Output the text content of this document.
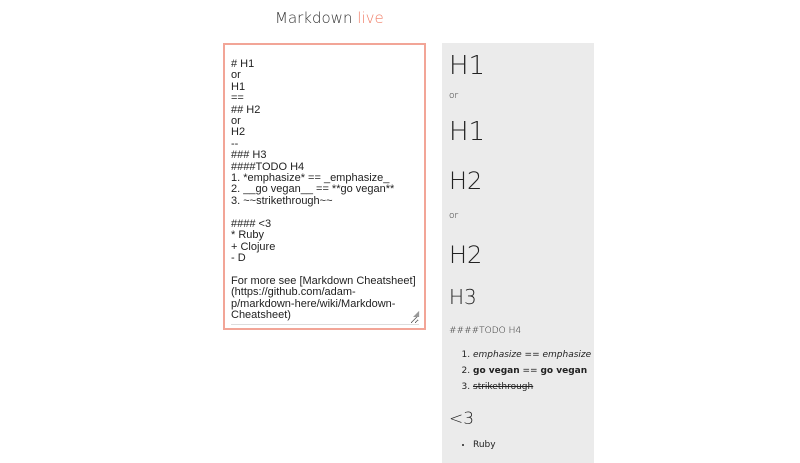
Markdown live
# H1 or H1 == ## H2 or H2 -- ### H3 ####TODO H4 1. *emphasize* == _emphasize_ 2. __go vegan__ == **go vegan** 3. ~~strikethrough~~ #### <3 * Ruby + Clojure - D For more see [Markdown Cheatsheet](https://github.com/adam-p/markdown-here/wiki/Markdown-Cheatsheet)
◢
H1
or
H1
H2
or
H2
H3
####TODO H4
1. emphasize == emphasize
2. go vegan == go vegan
3. strikethrough
<3
• Ruby
